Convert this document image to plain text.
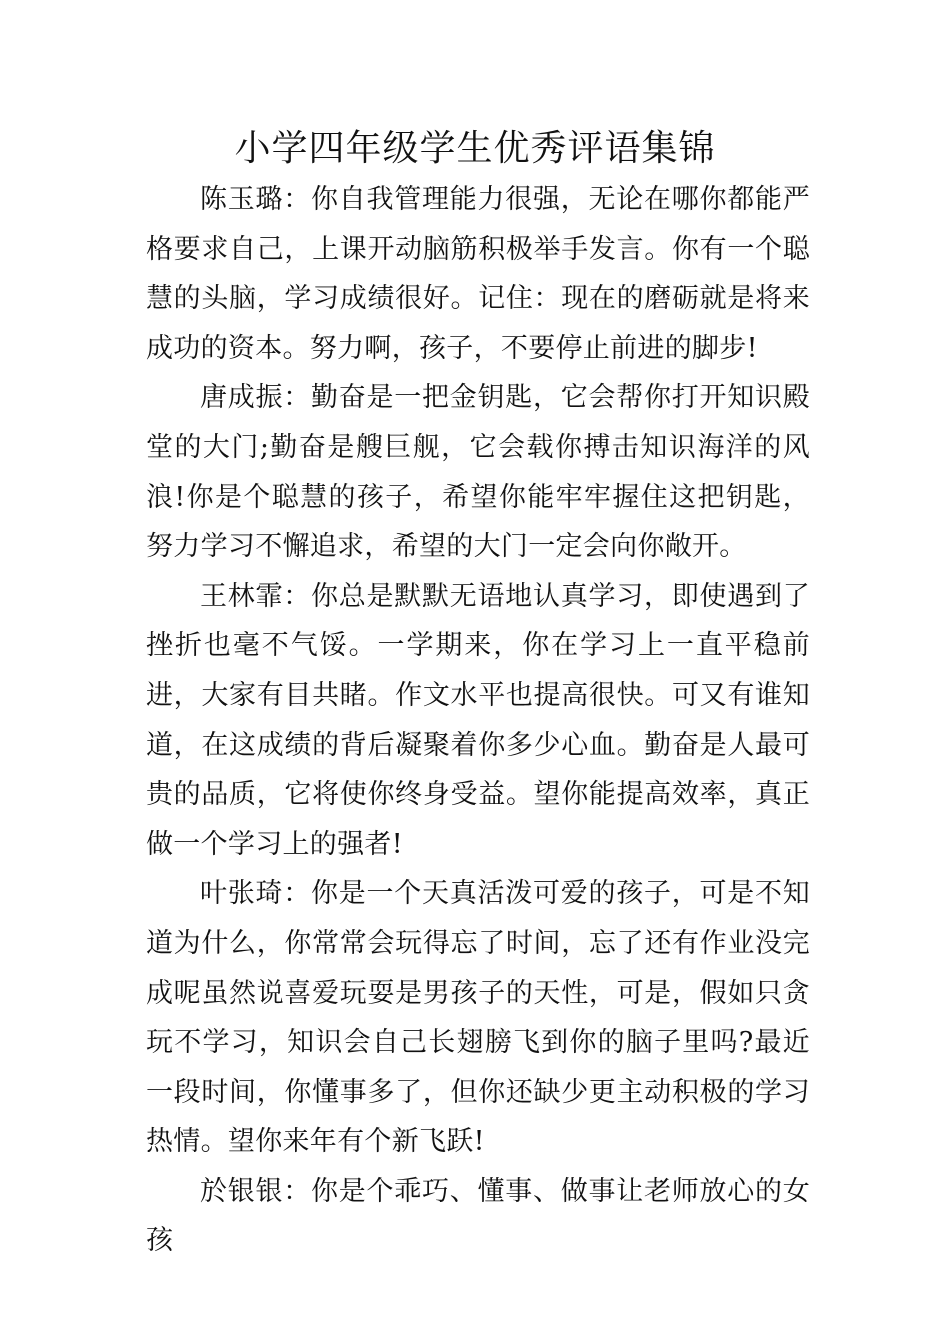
小学四年级学生优秀评语集锦

陈玉璐：你自我管理能力很强，无论在哪你都能严格要求自己，上课开动脑筋积极举手发言。你有一个聪慧的头脑，学习成绩很好。记住：现在的磨砺就是将来成功的资本。努力啊，孩子，不要停止前进的脚步!

唐成振：勤奋是一把金钥匙，它会帮你打开知识殿堂的大门;勤奋是艘巨舰，它会载你搏击知识海洋的风浪!你是个聪慧的孩子，希望你能牢牢握住这把钥匙，努力学习不懈追求，希望的大门一定会向你敞开。

王林霏：你总是默默无语地认真学习，即使遇到了挫折也毫不气馁。一学期来，你在学习上一直平稳前进，大家有目共睹。作文水平也提高很快。可又有谁知道，在这成绩的背后凝聚着你多少心血。勤奋是人最可贵的品质，它将使你终身受益。望你能提高效率，真正做一个学习上的强者!

叶张琦：你是一个天真活泼可爱的孩子，可是不知道为什么，你常常会玩得忘了时间，忘了还有作业没完成呢虽然说喜爱玩耍是男孩子的天性，可是，假如只贪玩不学习，知识会自己长翅膀飞到你的脑子里吗?最近一段时间，你懂事多了，但你还缺少更主动积极的学习热情。望你来年有个新飞跃!

於银银：你是个乖巧、懂事、做事让老师放心的女孩
